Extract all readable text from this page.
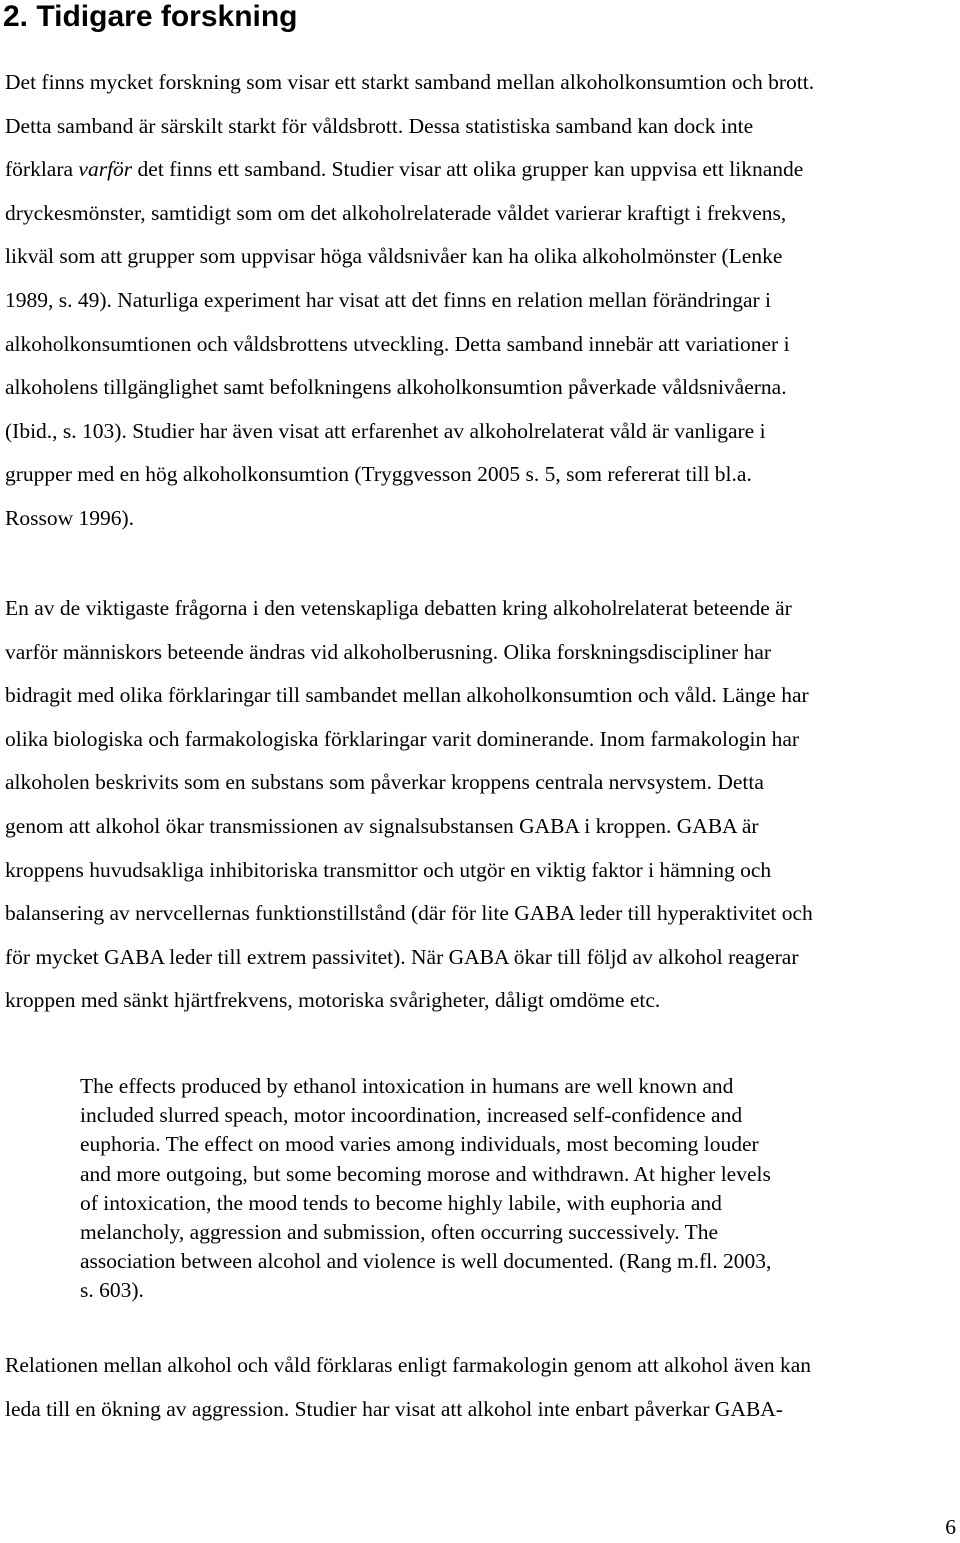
2. Tidigare forskning

Det finns mycket forskning som visar ett starkt samband mellan alkoholkonsumtion och brott.
Detta samband är särskilt starkt för våldsbrott. Dessa statistiska samband kan dock inte
förklara varför det finns ett samband. Studier visar att olika grupper kan uppvisa ett liknande
dryckesmönster, samtidigt som om det alkoholrelaterade våldet varierar kraftigt i frekvens,
likväl som att grupper som uppvisar höga våldsnivåer kan ha olika alkoholmönster (Lenke
1989, s. 49). Naturliga experiment har visat att det finns en relation mellan förändringar i
alkoholkonsumtionen och våldsbrottens utveckling. Detta samband innebär att variationer i
alkoholens tillgänglighet samt befolkningens alkoholkonsumtion påverkade våldsnivåerna.
(Ibid., s. 103). Studier har även visat att erfarenhet av alkoholrelaterat våld är vanligare i
grupper med en hög alkoholkonsumtion (Tryggvesson 2005 s. 5, som refererat till bl.a.
Rossow 1996).

En av de viktigaste frågorna i den vetenskapliga debatten kring alkoholrelaterat beteende är
varför människors beteende ändras vid alkoholberusning. Olika forskningsdiscipliner har
bidragit med olika förklaringar till sambandet mellan alkoholkonsumtion och våld. Länge har
olika biologiska och farmakologiska förklaringar varit dominerande. Inom farmakologin har
alkoholen beskrivits som en substans som påverkar kroppens centrala nervsystem. Detta
genom att alkohol ökar transmissionen av signalsubstansen GABA i kroppen. GABA är
kroppens huvudsakliga inhibitoriska transmittor och utgör en viktig faktor i hämning och
balansering av nervcellernas funktionstillstånd (där för lite GABA leder till hyperaktivitet och
för mycket GABA leder till extrem passivitet). När GABA ökar till följd av alkohol reagerar
kroppen med sänkt hjärtfrekvens, motoriska svårigheter, dåligt omdöme etc.

The effects produced by ethanol intoxication in humans are well known and
included slurred speach, motor incoordination, increased self-confidence and
euphoria. The effect on mood varies among individuals, most becoming louder
and more outgoing, but some becoming morose and withdrawn. At higher levels
of intoxication, the mood tends to become highly labile, with euphoria and
melancholy, aggression and submission, often occurring successively. The
association between alcohol and violence is well documented. (Rang m.fl. 2003,
s. 603).

Relationen mellan alkohol och våld förklaras enligt farmakologin genom att alkohol även kan
leda till en ökning av aggression. Studier har visat att alkohol inte enbart påverkar GABA-

6
